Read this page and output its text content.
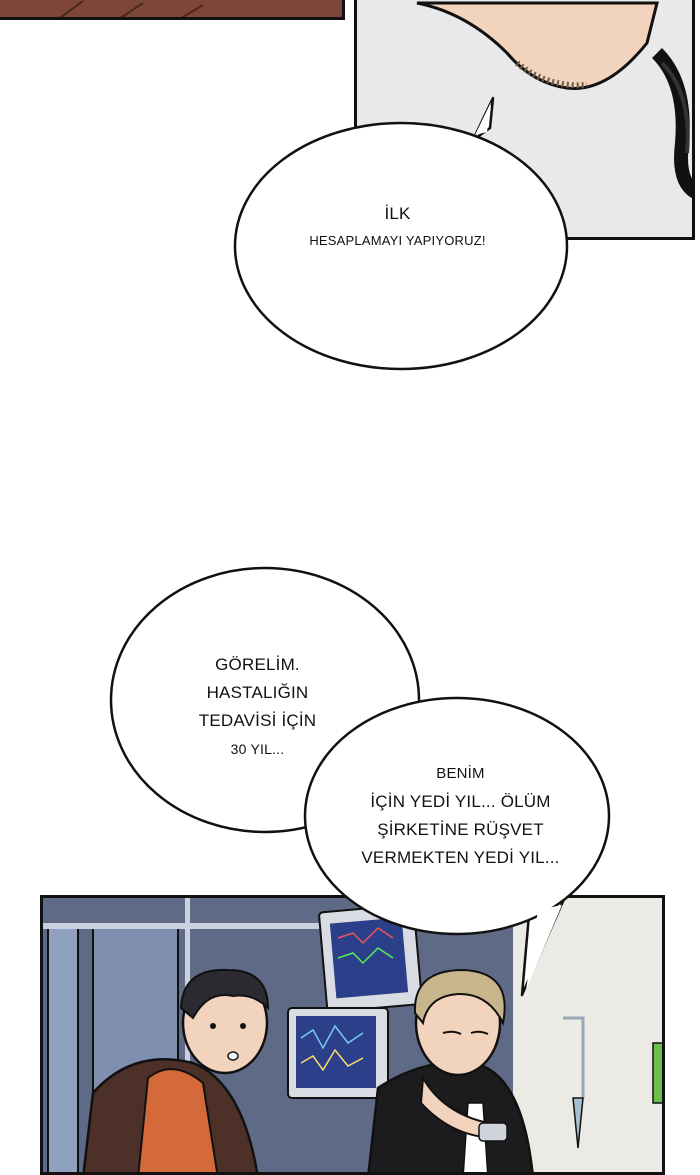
İLK
HESAPLAMAYI YAPIYORUZ!
GÖRELİM.
HASTALIĞIN
TEDAVİSİ İÇİN
30 YIL...
BENİM
İÇİN YEDİ YIL... ÖLÜM
ŞİRKETİNE RÜŞVET
VERMEKTEN YEDİ YIL...
